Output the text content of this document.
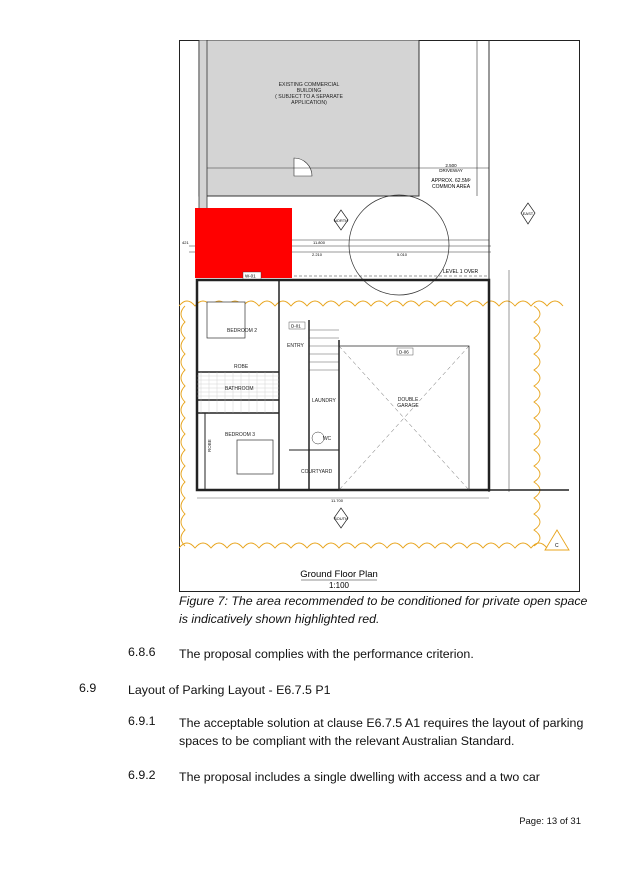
EXISTING COMMERCIAL
BUILDING
( SUBJECT TO A SEPARATE
APPLICATION)
2.500
DRIVEWAY
APPROX. 62.5M²
COMMON AREA
11.800
2.210	5.010
421
LEVEL 1 OVER
NORTH
EAST
SOUTH
C
BEDROOM 2
ENTRY
ROBE
BATHROOM
LAUNDRY
BEDROOM 3
WC
COURTYARD
DOUBLE
GARAGE
ROBE
D-01
D-06
W-01
11.700
Ground Floor Plan
1:100
Figure 7: The area recommended to be conditioned for private open space is indicatively shown highlighted red.
6.8.6 The proposal complies with the performance criterion.
6.9	Layout of Parking Layout - E6.7.5 P1
6.9.1 The acceptable solution at clause E6.7.5 A1 requires the layout of parking spaces to be compliant with the relevant Australian Standard.
6.9.2 The proposal includes a single dwelling with access and a two car
Page: 13 of 31
